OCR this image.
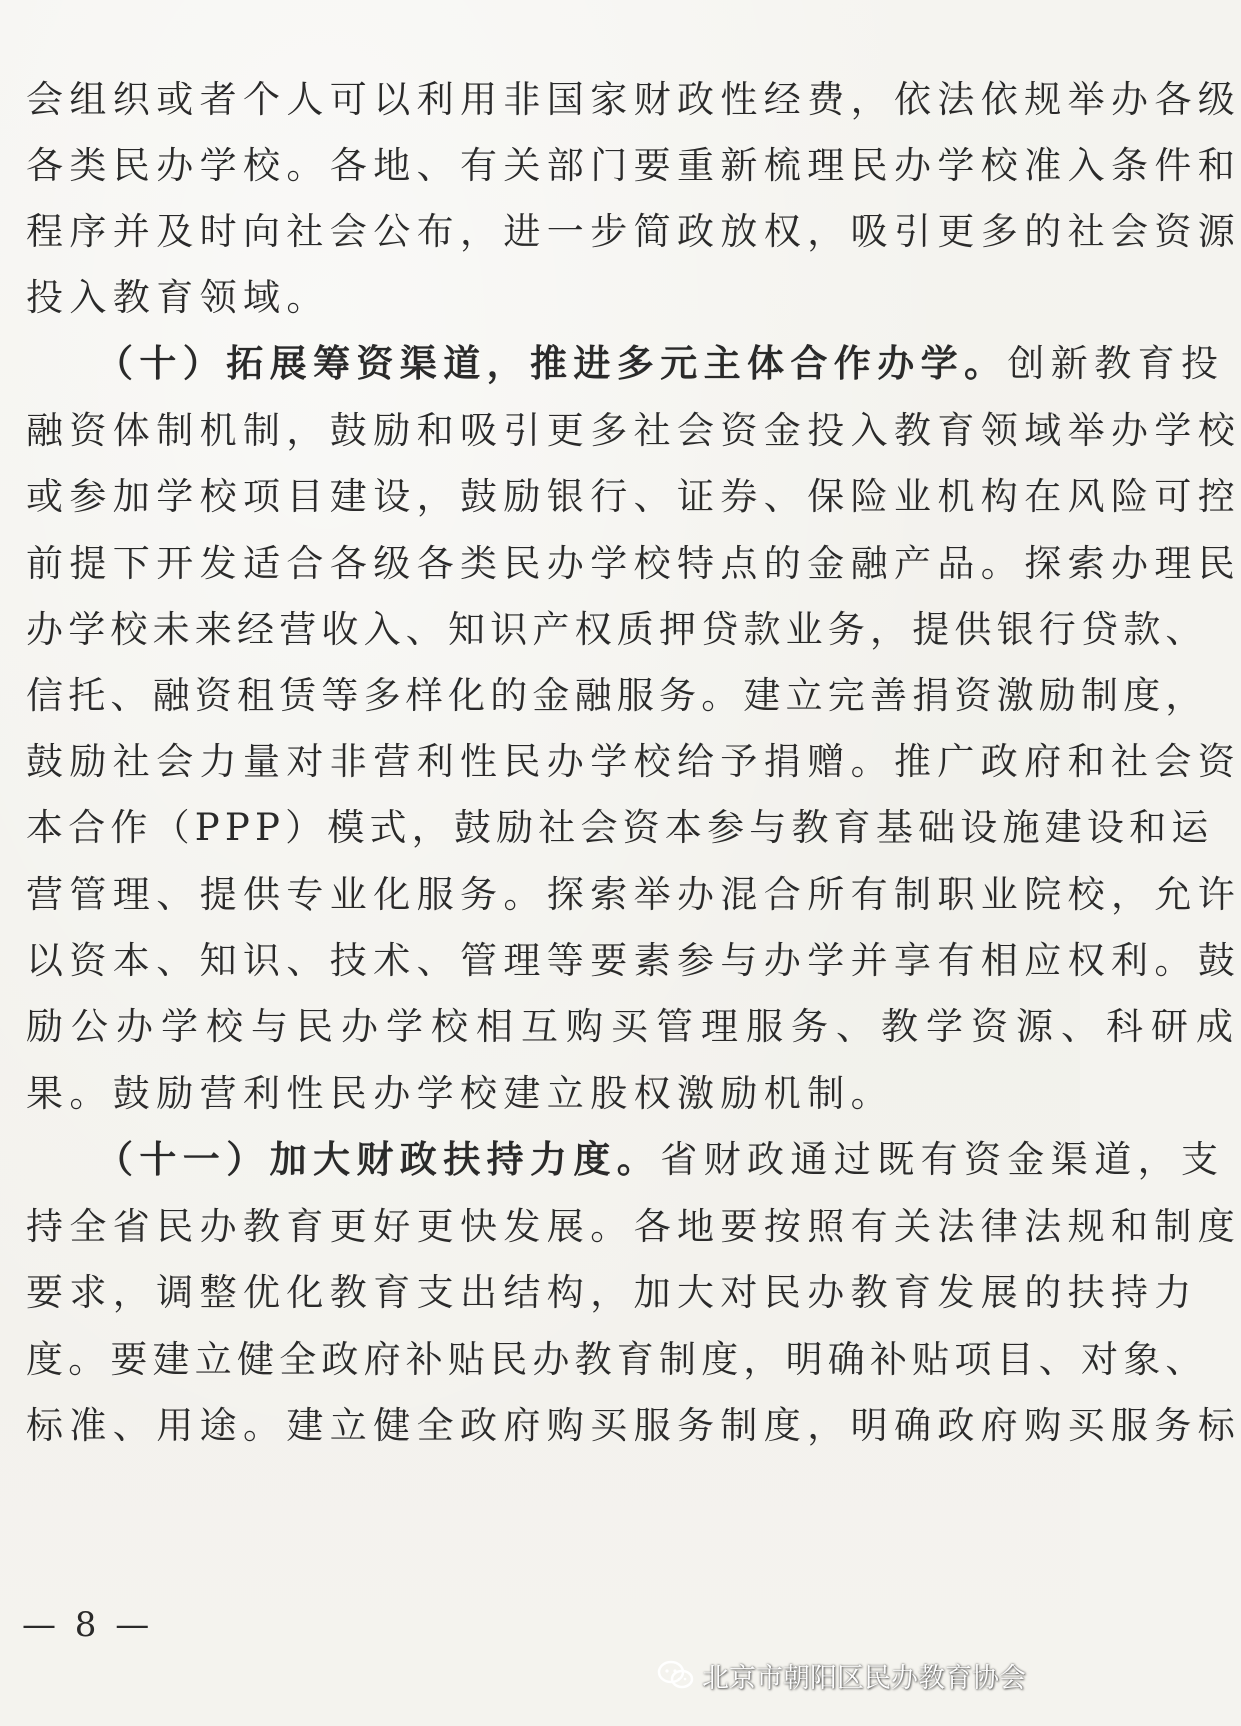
会组织或者个人可以利用非国家财政性经费，依法依规举办各级
各类民办学校。各地、有关部门要重新梳理民办学校准入条件和
程序并及时向社会公布，进一步简政放权，吸引更多的社会资源
投入教育领域。
（十）拓展筹资渠道，推进多元主体合作办学。创新教育投
融资体制机制，鼓励和吸引更多社会资金投入教育领域举办学校
或参加学校项目建设，鼓励银行、证券、保险业机构在风险可控
前提下开发适合各级各类民办学校特点的金融产品。探索办理民
办学校未来经营收入、知识产权质押贷款业务，提供银行贷款、
信托、融资租赁等多样化的金融服务。建立完善捐资激励制度，
鼓励社会力量对非营利性民办学校给予捐赠。推广政府和社会资
本合作（PPP）模式，鼓励社会资本参与教育基础设施建设和运
营管理、提供专业化服务。探索举办混合所有制职业院校，允许
以资本、知识、技术、管理等要素参与办学并享有相应权利。鼓
励公办学校与民办学校相互购买管理服务、教学资源、科研成
果。鼓励营利性民办学校建立股权激励机制。
（十一）加大财政扶持力度。省财政通过既有资金渠道，支
持全省民办教育更好更快发展。各地要按照有关法律法规和制度
要求，调整优化教育支出结构，加大对民办教育发展的扶持力
度。要建立健全政府补贴民办教育制度，明确补贴项目、对象、
标准、用途。建立健全政府购买服务制度，明确政府购买服务标
— 8 —
北京市朝阳区民办教育协会
